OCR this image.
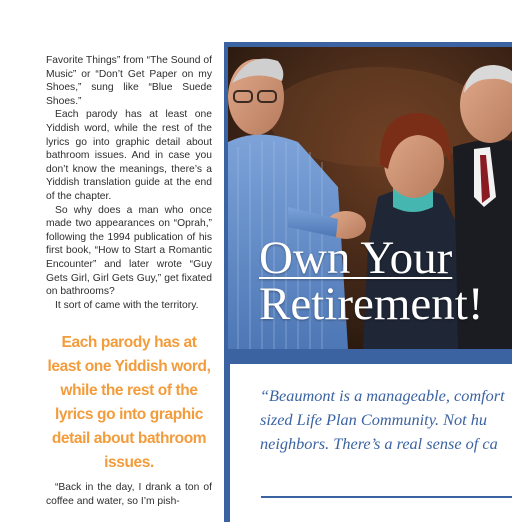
Favorite Things” from “The Sound of Music” or “Don’t Get Paper on my Shoes,” sung like “Blue Suede Shoes.”

Each parody has at least one Yiddish word, while the rest of the lyrics go into graphic detail about bathroom issues. And in case you don’t know the meanings, there’s a Yiddish translation guide at the end of the chapter.

So why does a man who once made two appearances on “Oprah,” following the 1994 publication of his first book, “How to Start a Romantic Encounter” and later wrote “Guy Gets Girl, Girl Gets Guy,” get fixated on bathrooms?

It sort of came with the territory.

Each parody has at least one Yiddish word, while the rest of the lyrics go into graphic detail about bathroom issues.

“Back in the day, I drank a ton of coffee and water, so I’m pish-

Own Your
Retirement!
“Beaumont is a manageable, comfort
sized Life Plan Community. Not hu
neighbors. There’s a real sense of ca
